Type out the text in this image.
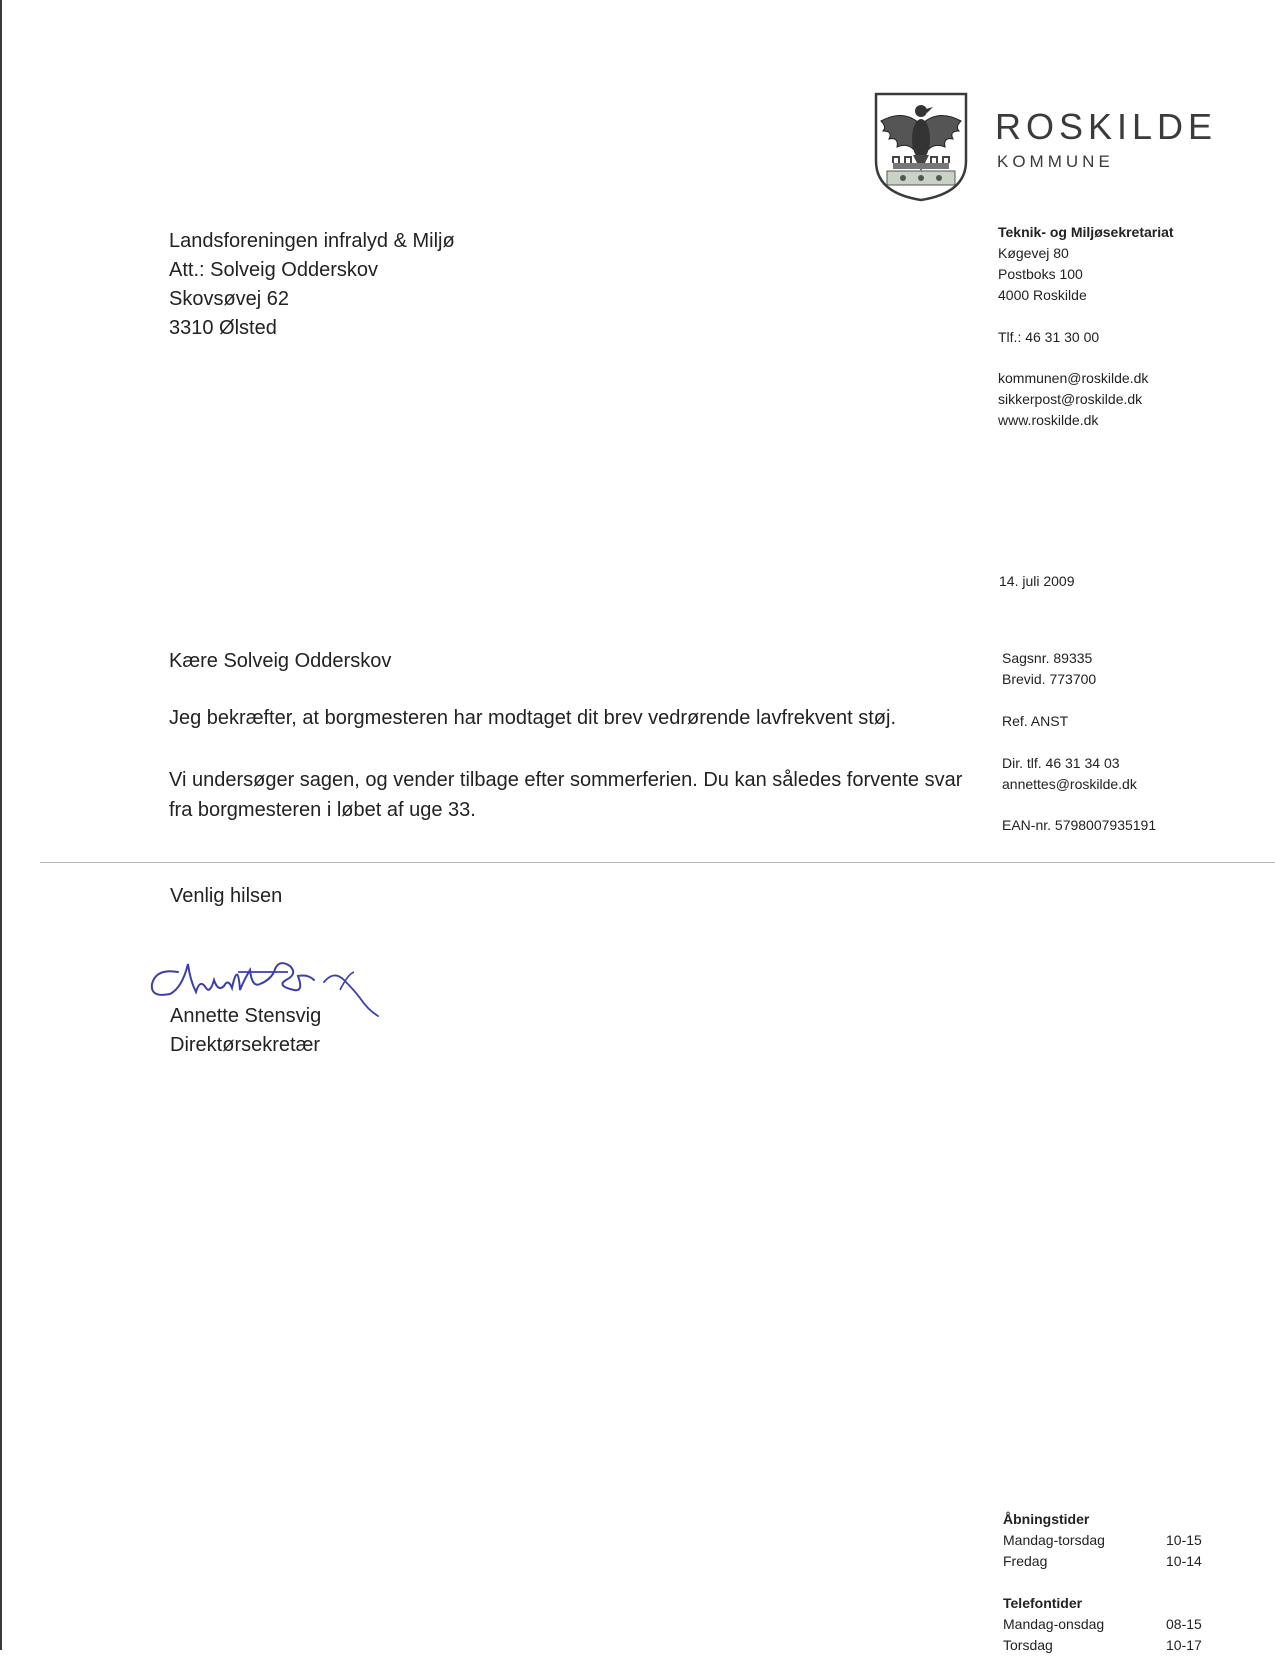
ROSKILDE
KOMMUNE
Landsforeningen infralyd & Miljø
Att.: Solveig Odderskov
Skovsøvej 62
3310 Ølsted
Teknik- og Miljøsekretariat
Køgevej 80
Postboks 100
4000 Roskilde
Tlf.: 46 31 30 00
kommunen@roskilde.dk
sikkerpost@roskilde.dk
www.roskilde.dk
14. juli 2009
Sagsnr. 89335
Brevid. 773700
Ref. ANST
Dir. tlf. 46 31 34 03
annettes@roskilde.dk
EAN-nr. 5798007935191
Kære Solveig Odderskov
Jeg bekræfter, at borgmesteren har modtaget dit brev vedrørende lavfrekvent støj.
Vi undersøger sagen, og vender tilbage efter sommerferien. Du kan således forvente svar fra borgmesteren i løbet af uge 33.
Venlig hilsen
Annette Stensvig
Direktørsekretær
Åbningstider	
Mandag-torsdag	10-15
Fredag	10-14

Telefontider	
Mandag-onsdag	08-15
Torsdag	10-17
